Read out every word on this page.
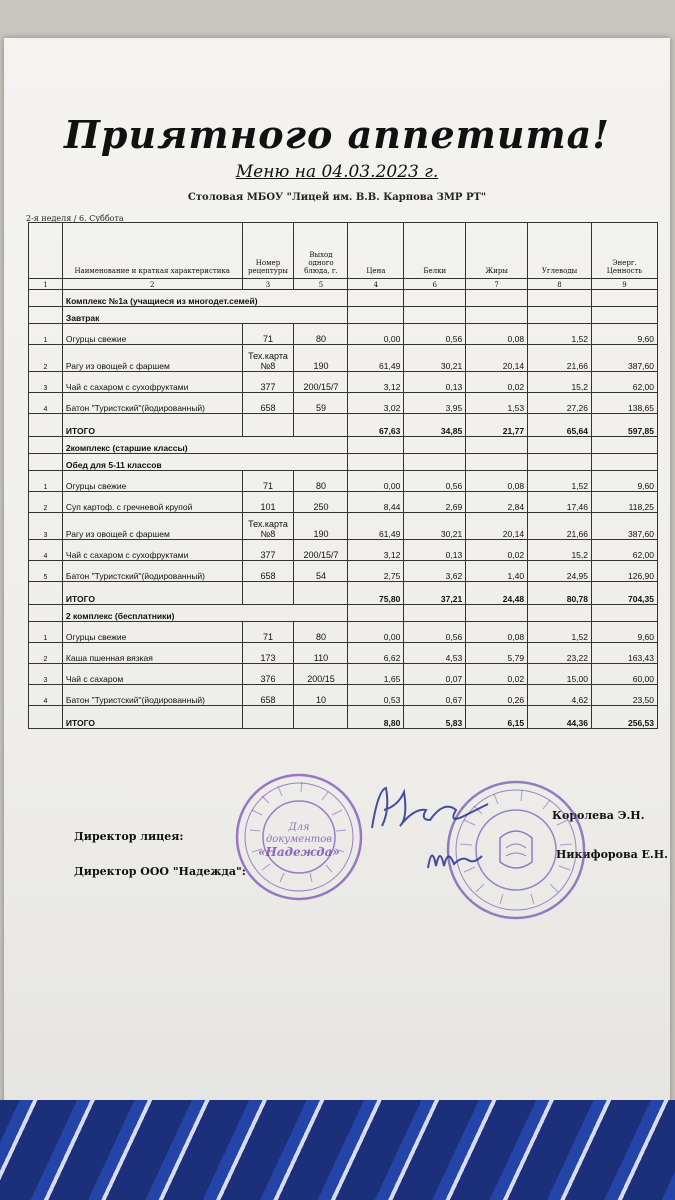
Приятного аппетита!
Меню на 04.03.2023 г.
Столовая МБОУ "Лицей им. В.В. Карпова ЗМР РТ"
2-я неделя / 6. Суббота
	Наименование и краткая характеристика	Номер рецептуры	Выход одного блюда, г.	Цена	Белки	Жиры	Углеводы	Энерг. Ценность
1	2	3	5	4	6	7	8	9
	Комплекс №1а (учащиеся из многодет.семей)							
	Завтрак							
1	Огурцы свежие	71	80	0,00	0,56	0,08	1,52	9,60
2	Рагу из овощей с фаршем	Тех.карта №8	190	61,49	30,21	20,14	21,66	387,60
3	Чай с сахаром с сухофруктами	377	200/15/7	3,12	0,13	0,02	15,2	62,00
4	Батон "Туристский"(йодированный)	658	59	3,02	3,95	1,53	27,26	138,65
	ИТОГО			67,63	34,85	21,77	65,64	597,85
	2комплекс (старшие классы)							
	Обед для 5-11 классов							
1	Огурцы свежие	71	80	0,00	0,56	0,08	1,52	9,60
2	Суп картоф. с гречневой крупой	101	250	8,44	2,69	2,84	17,46	118,25
3	Рагу из овощей с фаршем	Тех.карта №8	190	61,49	30,21	20,14	21,66	387,60
4	Чай с сахаром с сухофруктами	377	200/15/7	3,12	0,13	0,02	15,2	62,00
5	Батон "Туристский"(йодированный)	658	54	2,75	3,62	1,40	24,95	126,90
	ИТОГО			75,80	37,21	24,48	80,78	704,35
	2 комплекс (бесплатники)							
1	Огурцы свежие	71	80	0,00	0,56	0,08	1,52	9,60
2	Каша пшенная вязкая	173	110	6,62	4,53	5,79	23,22	163,43
3	Чай с сахаром	376	200/15	1,65	0,07	0,02	15,00	60,00
4	Батон "Туристский"(йодированный)	658	10	0,53	0,67	0,26	4,62	23,50
	ИТОГО			8,80	5,83	6,15	44,36	256,53
Директор лицея:
Директор ООО "Надежда":
Королева Э.Н.
Никифорова Е.Н.
Для
документов
«Надежда»
